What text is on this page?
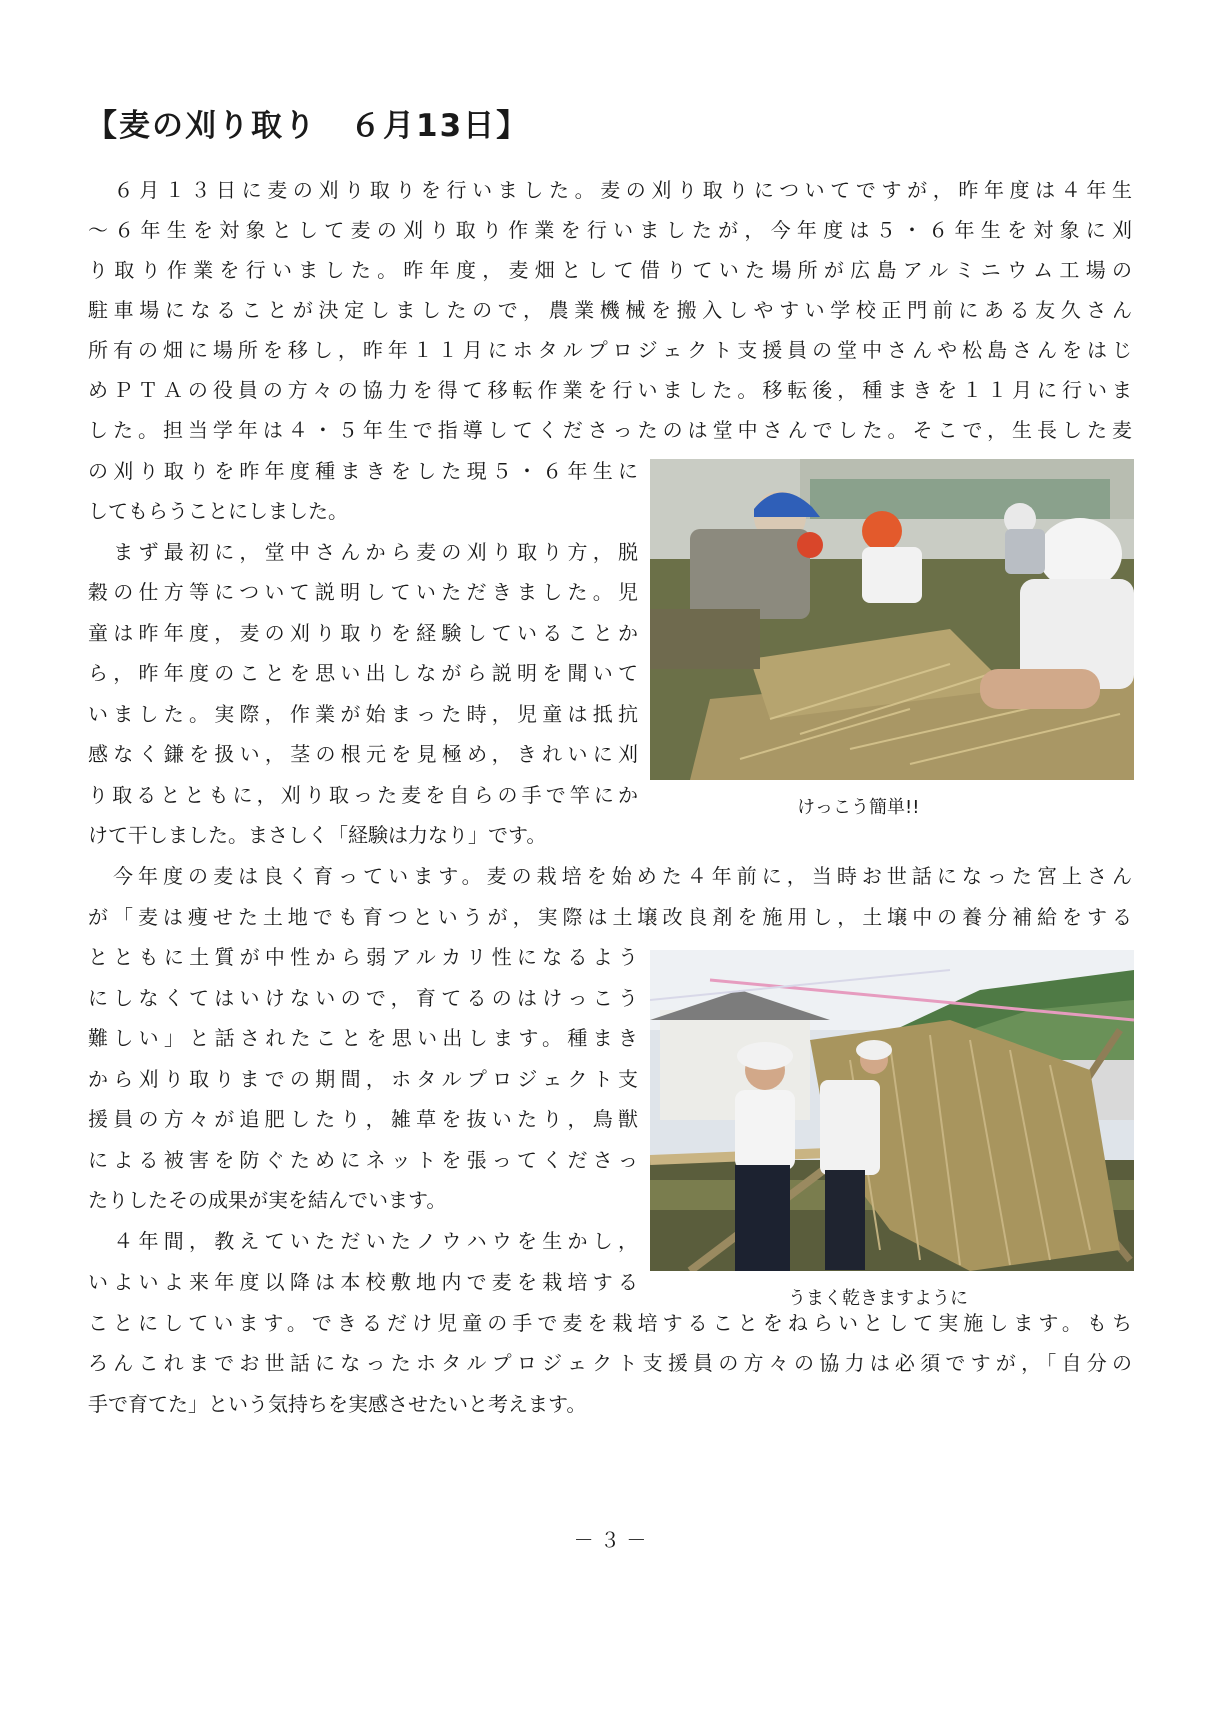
【麦の刈り取り　６月13日】
　６月１３日に麦の刈り取りを行いました。麦の刈り取りについてですが，昨年度は４年生
～６年生を対象として麦の刈り取り作業を行いましたが，今年度は５・６年生を対象に刈
り取り作業を行いました。昨年度，麦畑として借りていた場所が広島アルミニウム工場の
駐車場になることが決定しましたので，農業機械を搬入しやすい学校正門前にある友久さん
所有の畑に場所を移し，昨年１１月にホタルプロジェクト支援員の堂中さんや松島さんをはじ
めＰＴＡの役員の方々の協力を得て移転作業を行いました。移転後，種まきを１１月に行いま
した。担当学年は４・５年生で指導してくださったのは堂中さんでした。そこで，生長した麦
の刈り取りを昨年度種まきをした現５・６年生に
してもらうことにしました。
　まず最初に，堂中さんから麦の刈り取り方，脱
穀の仕方等について説明していただきました。児
童は昨年度，麦の刈り取りを経験していることか
ら，昨年度のことを思い出しながら説明を聞いて
いました。実際，作業が始まった時，児童は抵抗
感なく鎌を扱い，茎の根元を見極め，きれいに刈
り取るとともに，刈り取った麦を自らの手で竿にか
けて干しました。まさしく「経験は力なり」です。
　今年度の麦は良く育っています。麦の栽培を始めた４年前に，当時お世話になった宮上さん
が「麦は痩せた土地でも育つというが，実際は土壌改良剤を施用し，土壌中の養分補給をする
とともに土質が中性から弱アルカリ性になるよう
にしなくてはいけないので，育てるのはけっこう
難しい」と話されたことを思い出します。種まき
から刈り取りまでの期間，ホタルプロジェクト支
援員の方々が追肥したり，雑草を抜いたり，鳥獣
による被害を防ぐためにネットを張ってくださっ
たりしたその成果が実を結んでいます。
　４年間，教えていただいたノウハウを生かし，
いよいよ来年度以降は本校敷地内で麦を栽培する
ことにしています。できるだけ児童の手で麦を栽培することをねらいとして実施します。もち
ろんこれまでお世話になったホタルプロジェクト支援員の方々の協力は必須ですが，「自分の
手で育てた」という気持ちを実感させたいと考えます。
けっこう簡単!!
うまく乾きますように
－ ３ －
